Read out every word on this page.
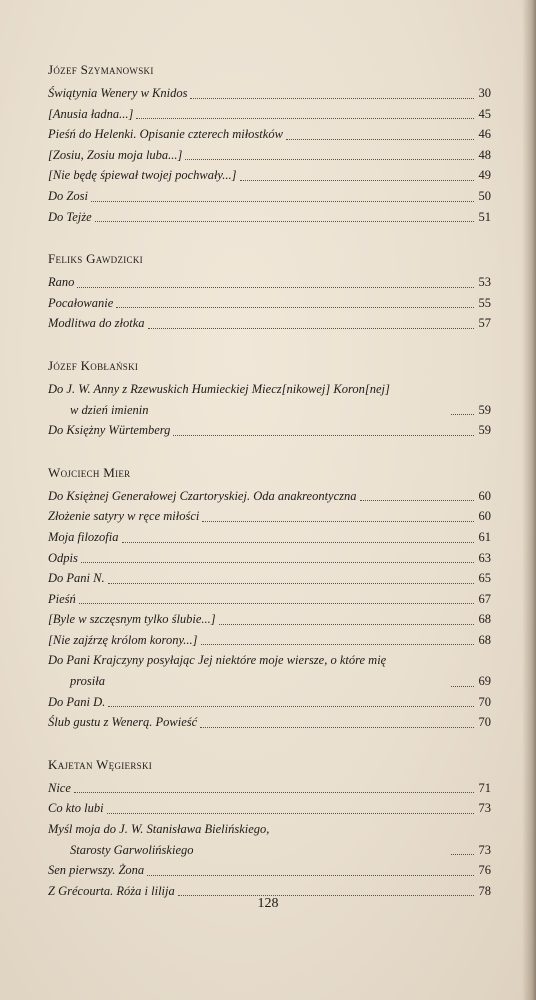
Józef Szymanowski
Świątynia Wenery w Knidos	30
[Anusia ładna...]	45
Pieśń do Helenki. Opisanie czterech miłostków	46
[Zosiu, Zosiu moja luba...]	48
[Nie będę śpiewał twojej pochwały...]	49
Do Zosi	50
Do Tejże	51
Feliks Gawdzicki
Rano	53
Pocałowanie	55
Modlitwa do złotka	57
Józef Kobłański
Do J. W. Anny z Rzewuskich Humieckiej Miecz[nikowej] Koron[nej]
w dzień imienin	59
Do Księżny Würtemberg	59
Wojciech Mier
Do Księżnej Generałowej Czartoryskiej. Oda anakreontyczna	60
Złożenie satyry w ręce miłości	60
Moja filozofia	61
Odpis	63
Do Pani N.	65
Pieśń	67
[Byle w szczęsnym tylko ślubie...]	68
[Nie zajźrzę królom korony...]	68
Do Pani Krajczyny posyłając Jej niektóre moje wiersze, o które mię
prosiła	69
Do Pani D.	70
Ślub gustu z Wenerą. Powieść	70
Kajetan Węgierski
Nice	71
Co kto lubi	73
Myśl moja do J. W. Stanisława Bielińskiego,
Starosty Garwolińskiego	73
Sen pierwszy. Żona	76
Z Grécourta. Róża i lilija	78
128
